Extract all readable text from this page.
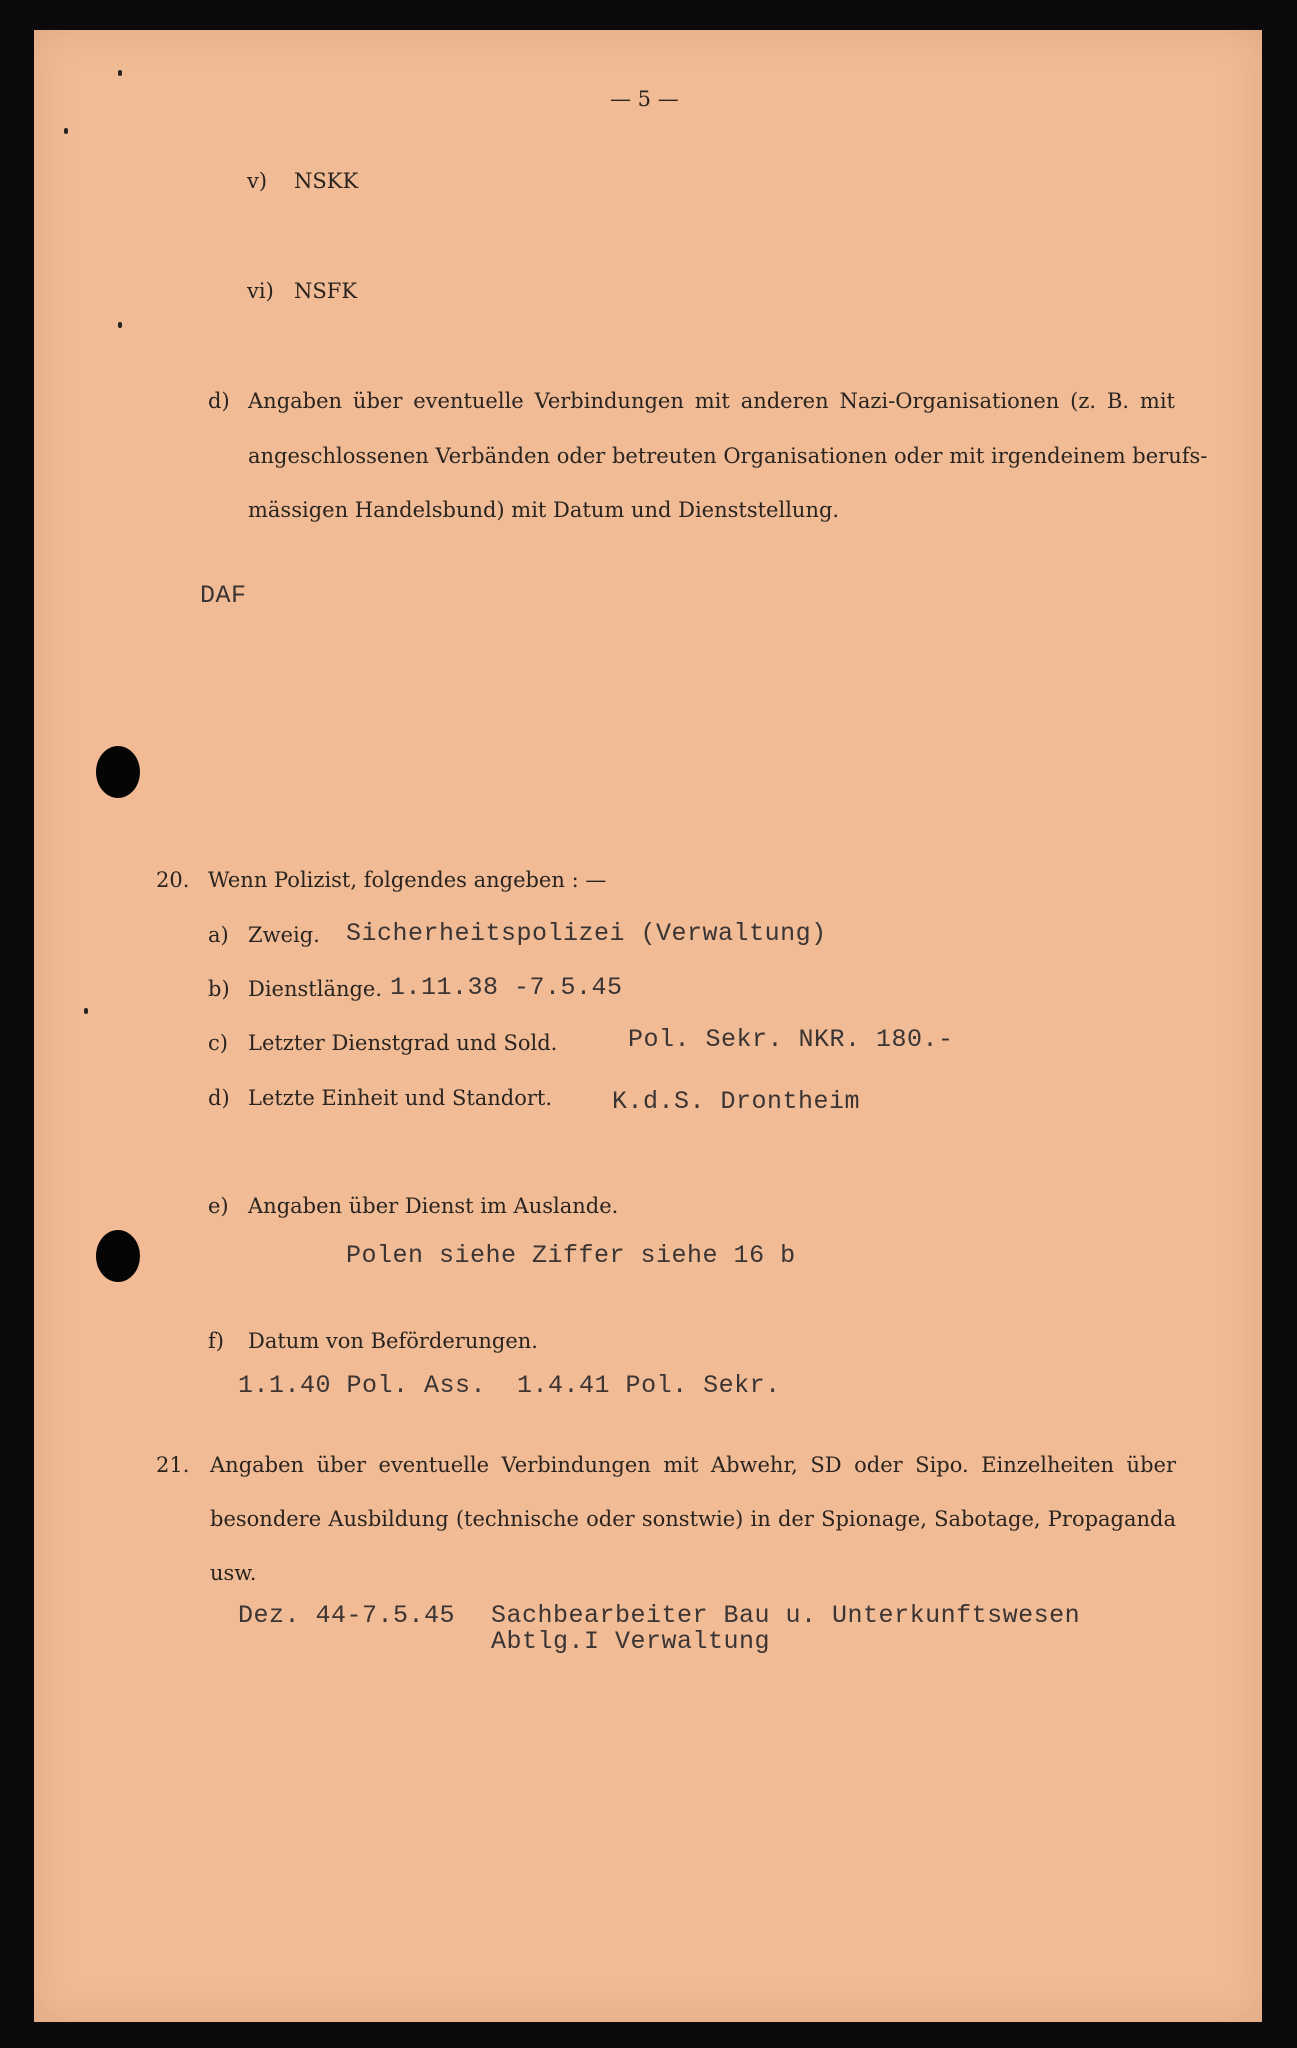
— 5 —
v) NSKK
vi) NSFK
d) Angaben über eventuelle Verbindungen mit anderen Nazi-Organisationen (z. B. mit
angeschlossenen Verbänden oder betreuten Organisationen oder mit irgendeinem berufs-
mässigen Handelsbund) mit Datum und Dienststellung.
DAF
20. Wenn Polizist, folgendes angeben : —
a) Zweig. Sicherheitspolizei (Verwaltung)
b) Dienstlänge. 1.11.38 -7.5.45
c) Letzter Dienstgrad und Sold.	Pol. Sekr. NKR. 180.-
d) Letzte Einheit und Standort. K.d.S. Drontheim
e) Angaben über Dienst im Auslande.
Polen siehe Ziffer siehe 16 b
f) Datum von Beförderungen.
1.1.40 Pol. Ass.  1.4.41 Pol. Sekr.
21. Angaben über eventuelle Verbindungen mit Abwehr, SD oder Sipo. Einzelheiten über
besondere Ausbildung (technische oder sonstwie) in der Spionage, Sabotage, Propaganda
usw.
Dez. 44-7.5.45 Sachbearbeiter Bau u. Unterkunftswesen
Abtlg.I Verwaltung
